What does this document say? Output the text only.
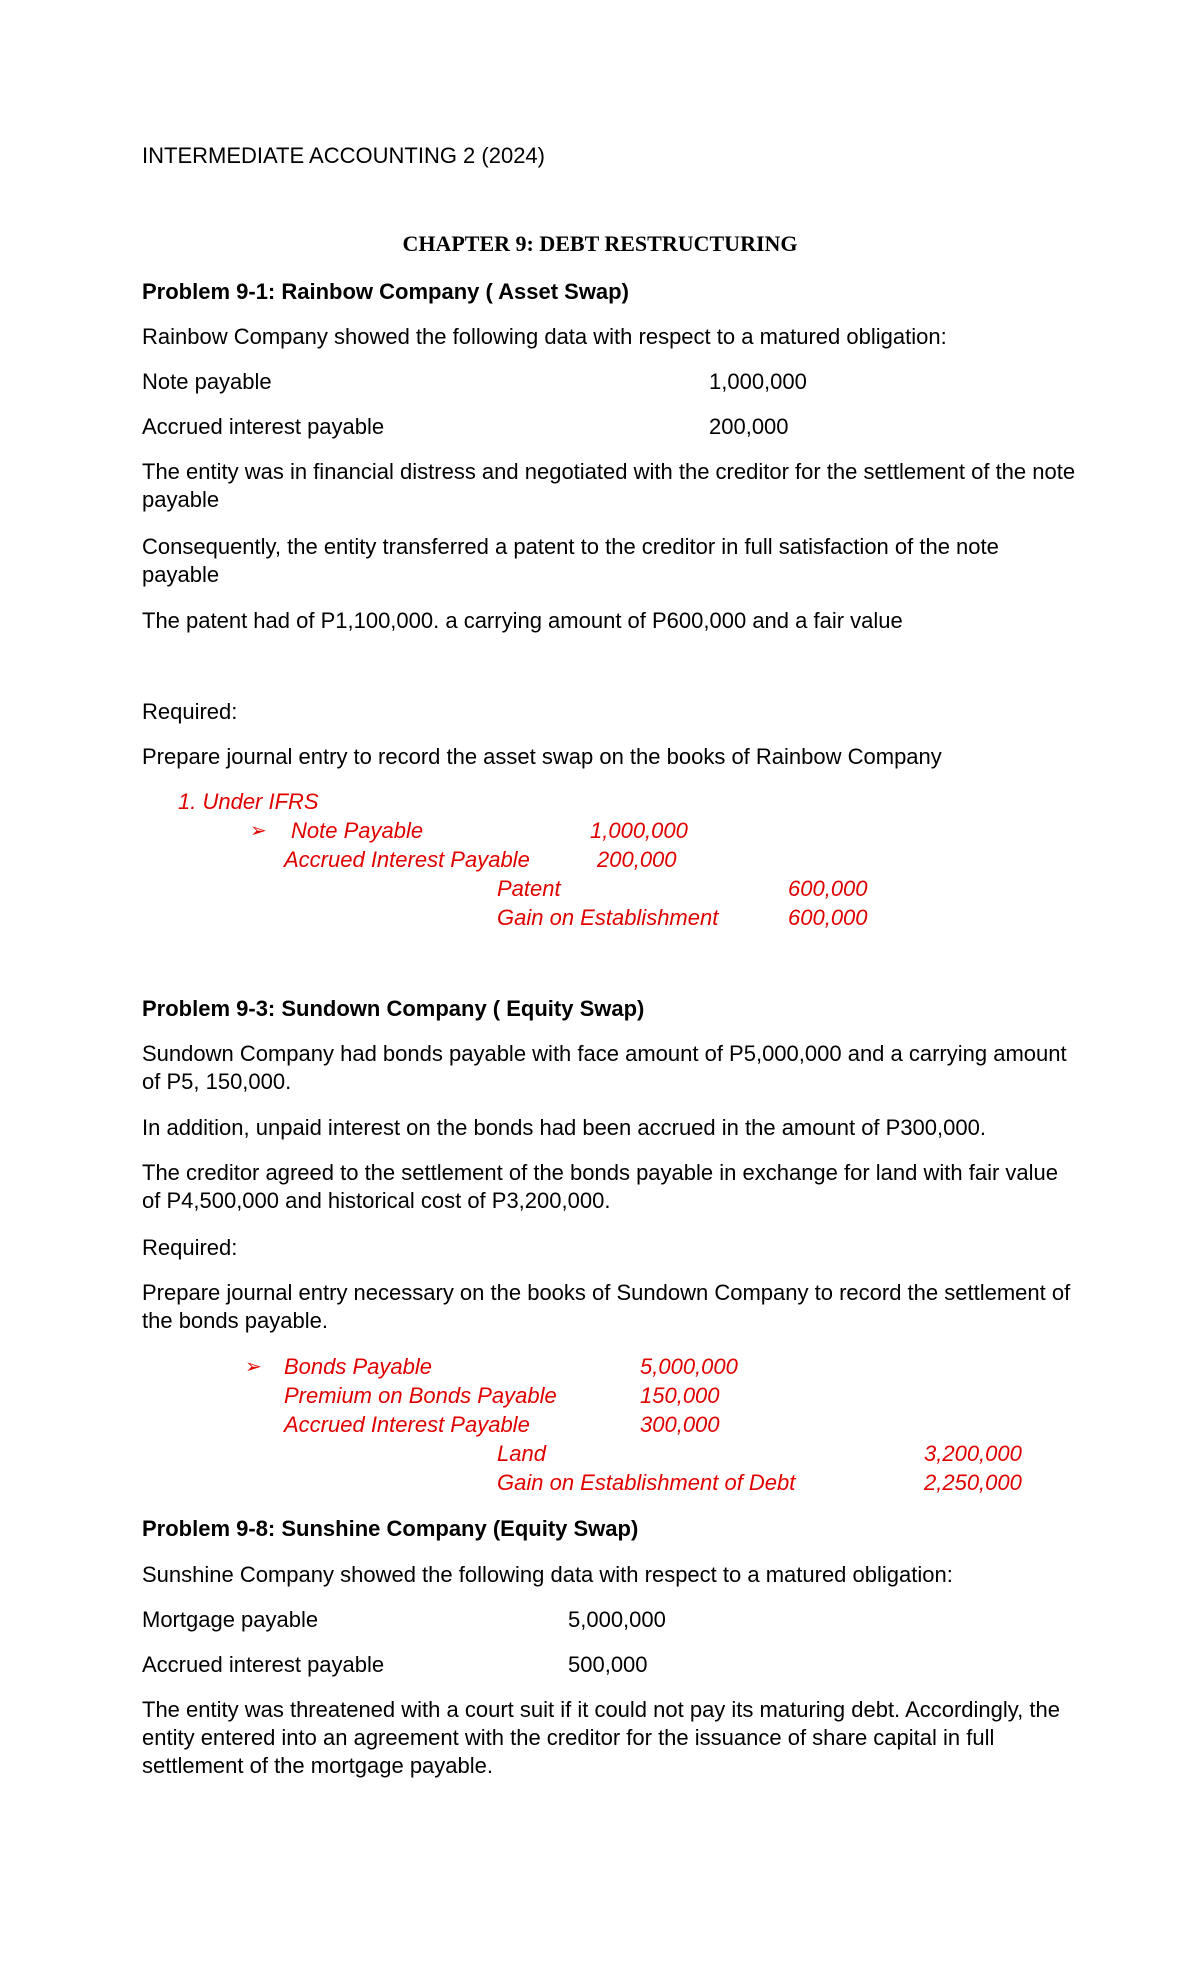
INTERMEDIATE ACCOUNTING 2 (2024)
CHAPTER 9: DEBT RESTRUCTURING
Problem 9-1: Rainbow Company ( Asset Swap)
Rainbow Company showed the following data with respect to a matured obligation:
Note payable	1,000,000
Accrued interest payable	200,000
The entity was in financial distress and negotiated with the creditor for the settlement of the note payable
Consequently, the entity transferred a patent to the creditor in full satisfaction of the note payable
The patent had of P1,100,000. a carrying amount of P600,000 and a fair value
Required:
Prepare journal entry to record the asset swap on the books of Rainbow Company
1. Under IFRS
➢ Note Payable	1,000,000
Accrued Interest Payable	200,000
Patent	600,000
Gain on Establishment	600,000
Problem 9-3: Sundown Company ( Equity Swap)
Sundown Company had bonds payable with face amount of P5,000,000 and a carrying amount of P5, 150,000.
In addition, unpaid interest on the bonds had been accrued in the amount of P300,000.
The creditor agreed to the settlement of the bonds payable in exchange for land with fair value of P4,500,000 and historical cost of P3,200,000.
Required:
Prepare journal entry necessary on the books of Sundown Company to record the settlement of the bonds payable.
➢ Bonds Payable	5,000,000
Premium on Bonds Payable	150,000
Accrued Interest Payable	300,000
Land	3,200,000
Gain on Establishment of Debt	2,250,000
Problem 9-8: Sunshine Company (Equity Swap)
Sunshine Company showed the following data with respect to a matured obligation:
Mortgage payable	5,000,000
Accrued interest payable	500,000
The entity was threatened with a court suit if it could not pay its maturing debt. Accordingly, the entity entered into an agreement with the creditor for the issuance of share capital in full settlement of the mortgage payable.
